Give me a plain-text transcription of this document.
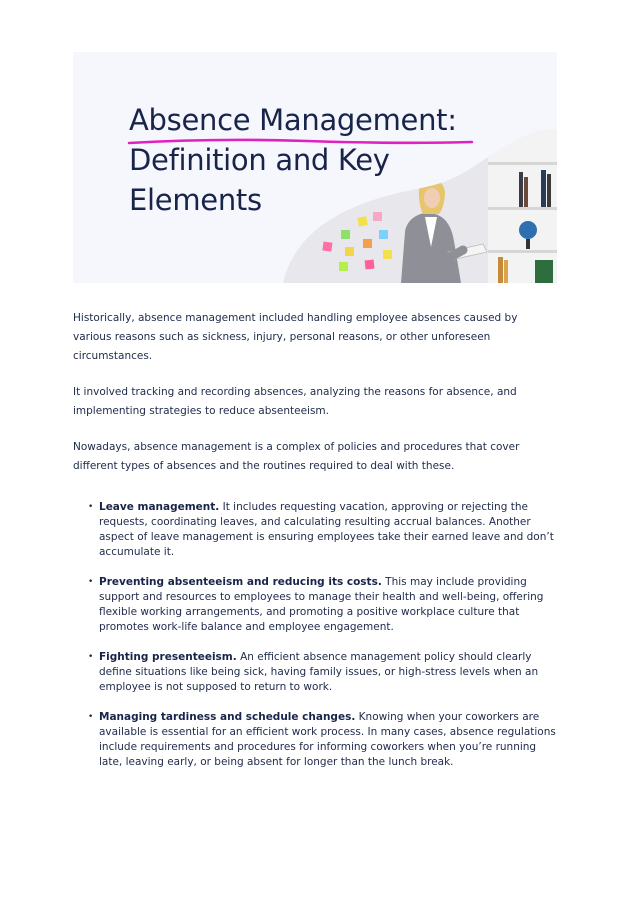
Absence Management:
Definition and Key
Elements

Historically, absence management included handling employee absences caused by various reasons such as sickness, injury, personal reasons, or other unforeseen circumstances.

It involved tracking and recording absences, analyzing the reasons for absence, and implementing strategies to reduce absenteeism.

Nowadays, absence management is a complex of policies and procedures that cover different types of absences and the routines required to deal with these.

• Leave management. It includes requesting vacation, approving or rejecting the requests, coordinating leaves, and calculating resulting accrual balances. Another aspect of leave management is ensuring employees take their earned leave and don’t accumulate it.
• Preventing absenteeism and reducing its costs. This may include providing support and resources to employees to manage their health and well-being, offering flexible working arrangements, and promoting a positive workplace culture that promotes work-life balance and employee engagement.
• Fighting presenteeism. An efficient absence management policy should clearly define situations like being sick, having family issues, or high-stress levels when an employee is not supposed to return to work.
• Managing tardiness and schedule changes. Knowing when your coworkers are available is essential for an efficient work process. In many cases, absence regulations include requirements and procedures for informing coworkers when you’re running late, leaving early, or being absent for longer than the lunch break.
